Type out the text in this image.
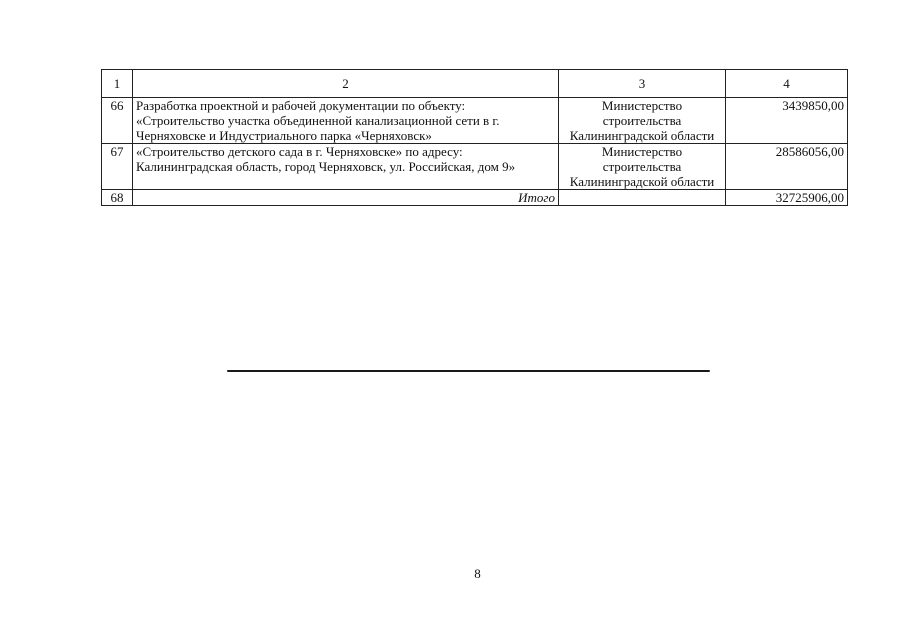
1	2	3	4
66	Разработка проектной и рабочей документации по объекту: «Строительство участка объединенной канализационной сети в г. Черняховске и Индустриального парка «Черняховск»	Министерство строительства Калининградской области	3439850,00
67	«Строительство детского сада в г. Черняховске» по адресу: Калининградская область, город Черняховск, ул. Российская, дом 9»	Министерство строительства Калининградской области	28586056,00
68	Итого		32725906,00
8
